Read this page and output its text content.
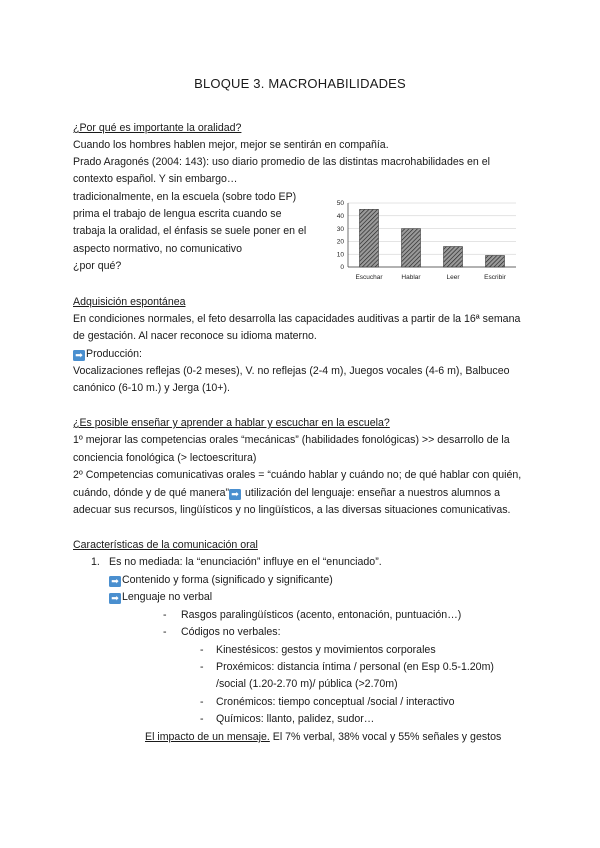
BLOQUE 3. MACROHABILIDADES
¿Por qué es importante la oralidad?
Cuando los hombres hablen mejor, mejor se sentirán en compañía.
Prado Aragonés (2004: 143): uso diario promedio de las distintas macrohabilidades en el
contexto español. Y sin embargo…
tradicionalmente, en la escuela (sobre todo EP)
prima el trabajo de lengua escrita cuando se
trabaja la oralidad, el énfasis se suele poner en el
aspecto normativo, no comunicativo
¿por qué?	0
10
20
30
40
50
Escuchar	Hablar	Leer	Escribir
Adquisición espontánea
En condiciones normales, el feto desarrolla las capacidades auditivas a partir de la 16ª semana
de gestación. Al nacer reconoce su idioma materno.
➡ Producción:
Vocalizaciones reflejas (0-2 meses), V. no reflejas (2-4 m), Juegos vocales (4-6 m), Balbuceo
canónico (6-10 m.) y Jerga (10+).
¿Es posible enseñar y aprender a hablar y escuchar en la escuela?
1º mejorar las competencias orales “mecánicas” (habilidades fonológicas) >> desarrollo de la
conciencia fonológica (> lectoescritura)
2º Competencias comunicativas orales = “cuándo hablar y cuándo no; de qué hablar con quién,
cuándo, dónde y de qué manera” ➡ utilización del lenguaje: enseñar a nuestros alumnos a
adecuar sus recursos, lingüísticos y no lingüísticos, a las diversas situaciones comunicativas.
Características de la comunicación oral
1. Es no mediada: la “enunciación” influye en el “enunciado”.
➡ Contenido y forma (significado y significante)
➡ Lenguaje no verbal
- Rasgos paralingüísticos (acento, entonación, puntuación…)
- Códigos no verbales:
- Kinestésicos: gestos y movimientos corporales
- Proxémicos: distancia íntima / personal (en Esp 0.5-1.20m)
/social (1.20-2.70 m)/ pública (>2.70m)
- Cronémicos: tiempo conceptual /social / interactivo
- Químicos: llanto, palidez, sudor…
El impacto de un mensaje. El 7% verbal, 38% vocal y 55% señales y gestos
